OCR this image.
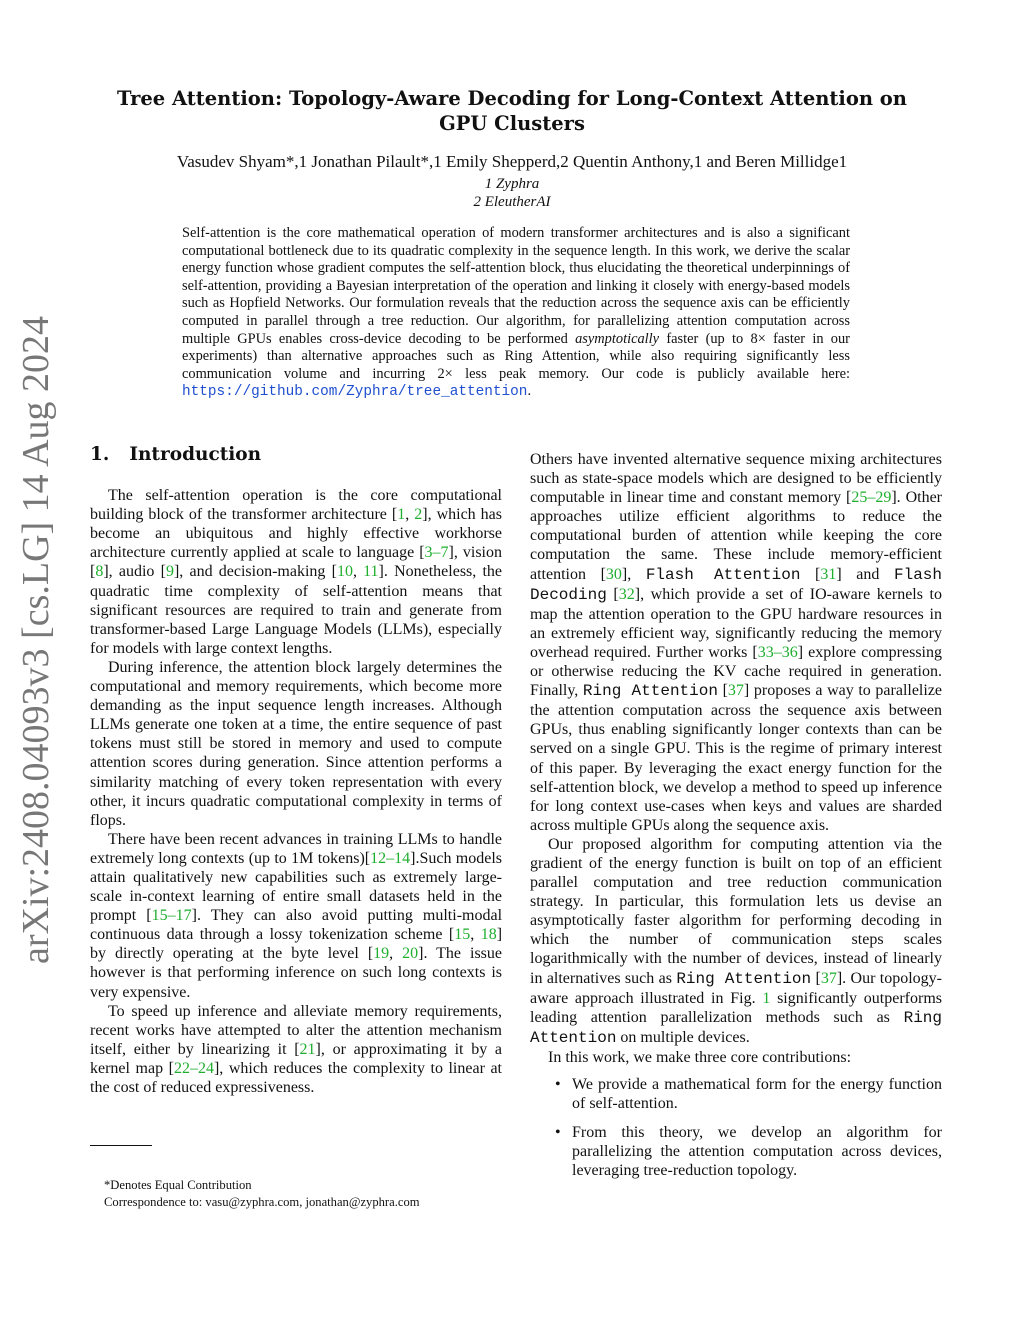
arXiv:2408.04093v3 [cs.LG] 14 Aug 2024
Tree Attention: Topology-Aware Decoding for Long-Context Attention on GPU Clusters
Vasudev Shyam*,1 Jonathan Pilault*,1 Emily Shepperd,2 Quentin Anthony,1 and Beren Millidge1
1 Zyphra
2 EleutherAI
Self-attention is the core mathematical operation of modern transformer architectures and is also a significant computational bottleneck due to its quadratic complexity in the sequence length. In this work, we derive the scalar energy function whose gradient computes the self-attention block, thus elucidating the theoretical underpinnings of self-attention, providing a Bayesian interpretation of the operation and linking it closely with energy-based models such as Hopfield Networks. Our formulation reveals that the reduction across the sequence axis can be efficiently computed in parallel through a tree reduction. Our algorithm, for parallelizing attention computation across multiple GPUs enables cross-device decoding to be performed asymptotically faster (up to 8× faster in our experiments) than alternative approaches such as Ring Attention, while also requiring significantly less communication volume and incurring 2× less peak memory. Our code is publicly available here: https://github.com/Zyphra/tree_attention.
1. Introduction

The self-attention operation is the core computational building block of the transformer architecture [1, 2], which has become an ubiquitous and highly effective workhorse architecture currently applied at scale to language [3–7], vision [8], audio [9], and decision-making [10, 11]. Nonetheless, the quadratic time complexity of self-attention means that significant resources are required to train and generate from transformer-based Large Language Models (LLMs), especially for models with large context lengths.

During inference, the attention block largely determines the computational and memory requirements, which become more demanding as the input sequence length increases. Although LLMs generate one token at a time, the entire sequence of past tokens must still be stored in memory and used to compute attention scores during generation. Since attention performs a similarity matching of every token representation with every other, it incurs quadratic computational complexity in terms of flops.

There have been recent advances in training LLMs to handle extremely long contexts (up to 1M tokens)[12–14].Such models attain qualitatively new capabilities such as extremely large-scale in-context learning of entire small datasets held in the prompt [15–17]. They can also avoid putting multi-modal continuous data through a lossy tokenization scheme [15, 18] by directly operating at the byte level [19, 20]. The issue however is that performing inference on such long contexts is very expensive.

To speed up inference and alleviate memory requirements, recent works have attempted to alter the attention mechanism itself, either by linearizing it [21], or approximating it by a kernel map [22–24], which reduces the complexity to linear at the cost of reduced expressiveness.

Others have invented alternative sequence mixing architectures such as state-space models which are designed to be efficiently computable in linear time and constant memory [25–29]. Other approaches utilize efficient algorithms to reduce the computational burden of attention while keeping the core computation the same. These include memory-efficient attention [30], Flash Attention [31] and Flash Decoding [32], which provide a set of IO-aware kernels to map the attention operation to the GPU hardware resources in an extremely efficient way, significantly reducing the memory overhead required. Further works [33–36] explore compressing or otherwise reducing the KV cache required in generation. Finally, Ring Attention [37] proposes a way to parallelize the attention computation across the sequence axis between GPUs, thus enabling significantly longer contexts than can be served on a single GPU. This is the regime of primary interest of this paper. By leveraging the exact energy function for the self-attention block, we develop a method to speed up inference for long context use-cases when keys and values are sharded across multiple GPUs along the sequence axis.

Our proposed algorithm for computing attention via the gradient of the energy function is built on top of an efficient parallel computation and tree reduction communication strategy. In particular, this formulation lets us devise an asymptotically faster algorithm for performing decoding in which the number of communication steps scales logarithmically with the number of devices, instead of linearly in alternatives such as Ring Attention [37]. Our topology-aware approach illustrated in Fig. 1 significantly outperforms leading attention parallelization methods such as Ring Attention on multiple devices.

In this work, we make three core contributions:

• We provide a mathematical form for the energy function of self-attention.
• From this theory, we develop an algorithm for parallelizing the attention computation across devices, leveraging tree-reduction topology.
*Denotes Equal Contribution
Correspondence to: vasu@zyphra.com, jonathan@zyphra.com
